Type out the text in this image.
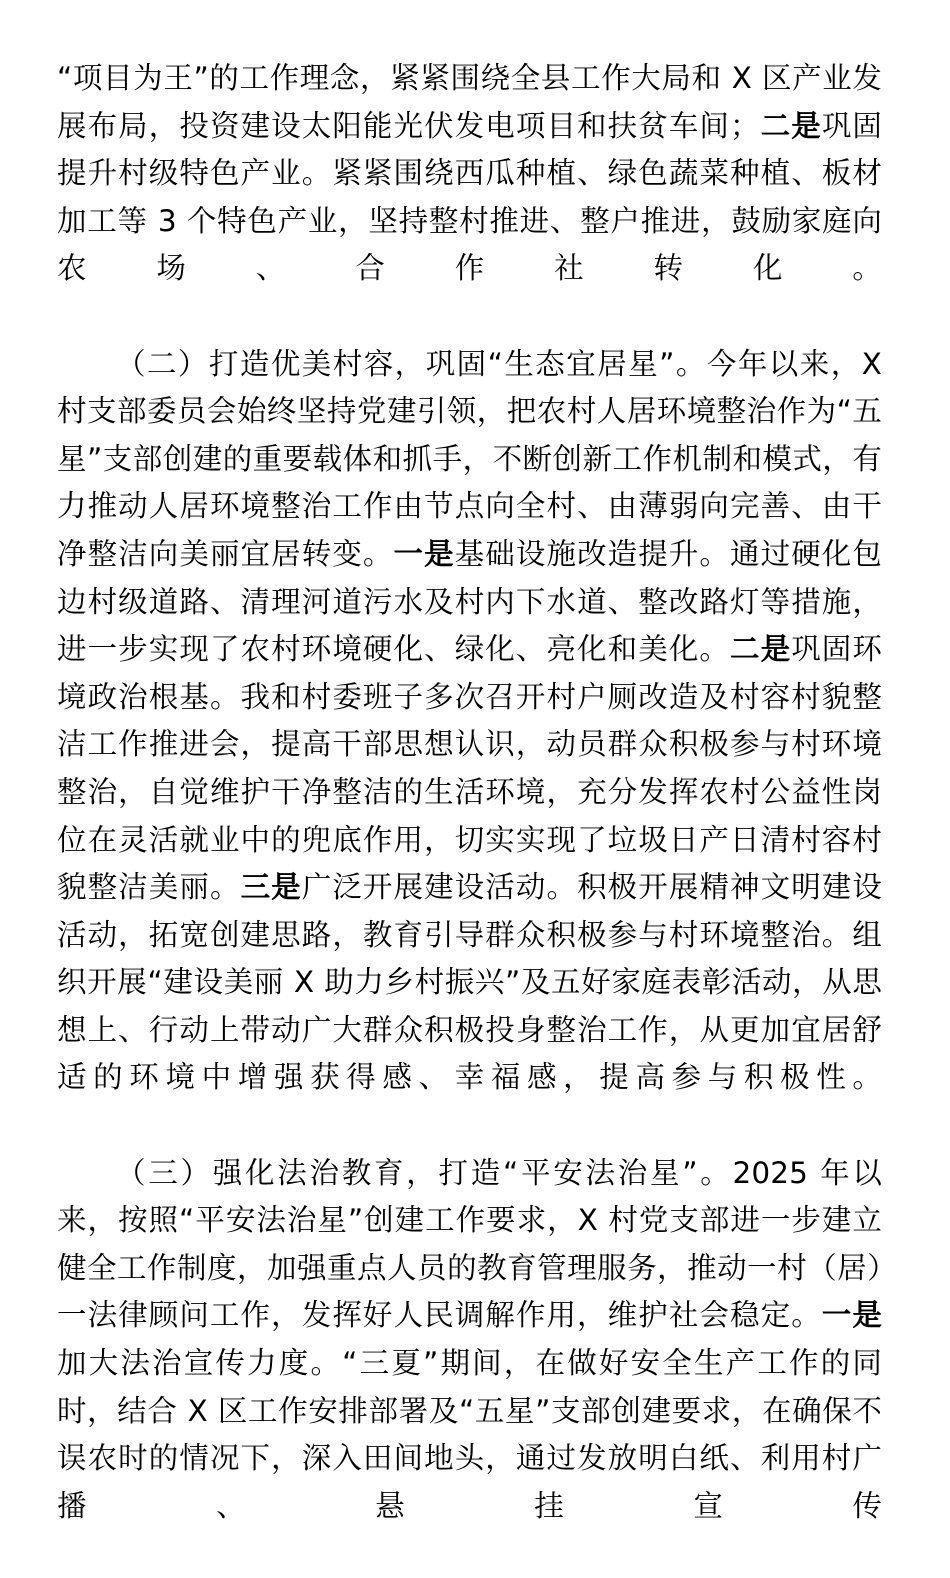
“项目为王”的工作理念，紧紧围绕全县工作大局和 X 区产业发展布局，投资建设太阳能光伏发电项目和扶贫车间；二是巩固提升村级特色产业。紧紧围绕西瓜种植、绿色蔬菜种植、板材加工等 3 个特色产业，坚持整村推进、整户推进，鼓励家庭向农场、合作社转化。

（二）打造优美村容，巩固“生态宜居星”。今年以来，X 村支部委员会始终坚持党建引领，把农村人居环境整治作为“五星”支部创建的重要载体和抓手，不断创新工作机制和模式，有力推动人居环境整治工作由节点向全村、由薄弱向完善、由干净整洁向美丽宜居转变。一是基础设施改造提升。通过硬化包边村级道路、清理河道污水及村内下水道、整改路灯等措施，进一步实现了农村环境硬化、绿化、亮化和美化。二是巩固环境政治根基。我和村委班子多次召开村户厕改造及村容村貌整洁工作推进会，提高干部思想认识，动员群众积极参与村环境整治，自觉维护干净整洁的生活环境，充分发挥农村公益性岗位在灵活就业中的兜底作用，切实实现了垃圾日产日清村容村貌整洁美丽。三是广泛开展建设活动。积极开展精神文明建设活动，拓宽创建思路，教育引导群众积极参与村环境整治。组织开展“建设美丽 X 助力乡村振兴”及五好家庭表彰活动，从思想上、行动上带动广大群众积极投身整治工作，从更加宜居舒适的环境中增强获得感、幸福感，提高参与积极性。

（三）强化法治教育，打造“平安法治星”。2025 年以来，按照“平安法治星”创建工作要求，X 村党支部进一步建立健全工作制度，加强重点人员的教育管理服务，推动一村（居）一法律顾问工作，发挥好人民调解作用，维护社会稳定。一是加大法治宣传力度。“三夏”期间，在做好安全生产工作的同时，结合 X 区工作安排部署及“五星”支部创建要求，在确保不误农时的情况下，深入田间地头，通过发放明白纸、利用村广播、悬挂宣传
